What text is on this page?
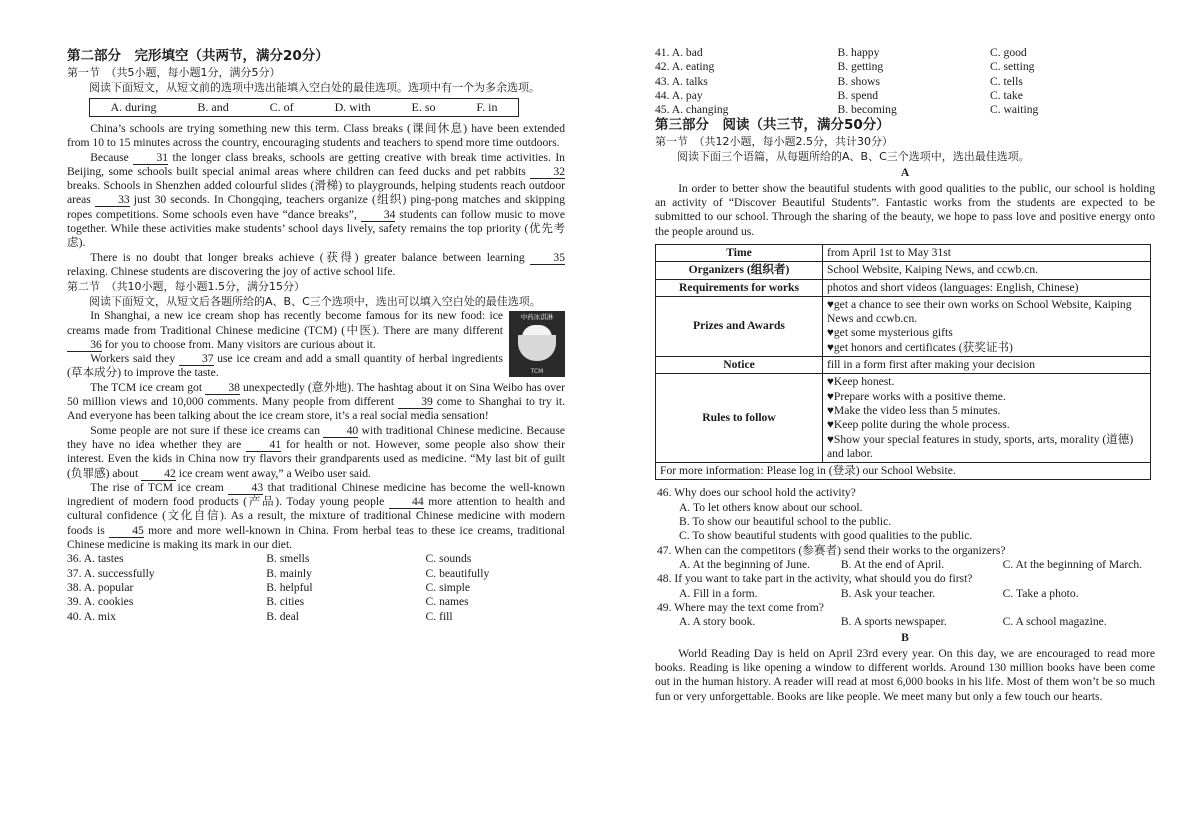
第二部分　完形填空（共两节，满分20分）

第一节　（共5小题，每小题1分，满分5分）

阅读下面短文，从短文前的选项中选出能填入空白处的最佳选项。选项中有一个为多余选项。

A. during	B. and	C. of	D. with	E. so	F. in

China’s schools are trying something new this term. Class breaks (课间休息) have been extended from 10 to 15 minutes across the country, encouraging students and teachers to spend more time outdoors.

Because 31 the longer class breaks, schools are getting creative with break time activities. In Beijing, some schools built special animal areas where children can feed ducks and pet rabbits 32 breaks. Schools in Shenzhen added colourful slides (滑梯) to playgrounds, helping students reach outdoor areas 33 just 30 seconds. In Chongqing, teachers organize (组织) ping-pong matches and skipping ropes competitions. Some schools even have “dance breaks”, 34 students can follow music to move together. While these activities make students’ school days lively, safety remains the top priority (优先考虑).

There is no doubt that longer breaks achieve (获得) greater balance between learning 35 relaxing. Chinese students are discovering the joy of active school life.

第二节　（共10小题，每小题1.5分，满分15分）

阅读下面短文，从短文后各题所给的A、B、C三个选项中，选出可以填入空白处的最佳选项。

中药冰淇淋
TCM

In Shanghai, a new ice cream shop has recently become famous for its new food: ice creams made from Traditional Chinese medicine (TCM) (中医). There are many different 36 for you to choose from. Many visitors are curious about it.

Workers said they 37 use ice cream and add a small quantity of herbal ingredients (草本成分) to improve the taste.

The TCM ice cream got 38 unexpectedly (意外地). The hashtag about it on Sina Weibo has over 50 million views and 10,000 comments. Many people from different 39 come to Shanghai to try it. And everyone has been talking about the ice cream store, it’s a real social media sensation!

Some people are not sure if these ice creams can 40 with traditional Chinese medicine. Because they have no idea whether they are 41 for health or not. However, some people also show their interest. Even the kids in China now try flavors their grandparents used as medicine. “My last bit of guilt (负罪感) about 42 ice cream went away,” a Weibo user said.

The rise of TCM ice cream 43 that traditional Chinese medicine has become the well-known ingredient of modern food products (产品). Today young people 44 more attention to health and cultural confidence (文化自信). As a result, the mixture of traditional Chinese medicine with modern foods is 45 more and more well-known in China. From herbal teas to these ice creams, traditional Chinese medicine is making its mark in our diet.

36. A. tastes	B. smells	C. sounds
37. A. successfully	B. mainly	C. beautifully
38. A. popular	B. helpful	C. simple
39. A. cookies	B. cities	C. names
40. A. mix	B. deal	C. fill
41. A. bad	B. happy	C. good
42. A. eating	B. getting	C. setting
43. A. talks	B. shows	C. tells
44. A. pay	B. spend	C. take
45. A. changing	B. becoming	C. waiting

第三部分　阅读（共三节，满分50分）

第一节　（共12小题，每小题2.5分，共计30分）

阅读下面三个语篇，从每题所给的A、B、C三个选项中，选出最佳选项。

A

In order to better show the beautiful students with good qualities to the public, our school is holding an activity of “Discover Beautiful Students”. Fantastic works from the students are expected to be submitted to our school. Through the sharing of the beauty, we hope to pass love and positive energy onto the people around us.

Time	from April 1st to May 31st

Organizers (组织者)	School Website, Kaiping News, and ccwb.cn.

Requirements for works	photos and short videos (languages: English, Chinese)

Prizes and Awards	♥get a chance to see their own works on School Website, Kaiping News and ccwb.cn.
♥get some mysterious gifts
♥get honors and certificates (获奖证书)

Notice	fill in a form first after making your decision

Rules to follow	♥Keep honest.
♥Prepare works with a positive theme.
♥Make the video less than 5 minutes.
♥Keep polite during the whole process.
♥Show your special features in study, sports, arts, morality (道德) and labor.

For more information: Please log in (登录) our School Website.	

46. Why does our school hold the activity?

A. To let others know about our school.

B. To show our beautiful school to the public.

C. To show beautiful students with good qualities to the public.

47. When can the competitors (参赛者) send their works to the organizers?

A. At the beginning of June.	B. At the end of April.	C. At the beginning of March.

48. If you want to take part in the activity, what should you do first?

A. Fill in a form.	B. Ask your teacher.	C. Take a photo.

49. Where may the text come from?

A. A story book.	B. A sports newspaper.	C. A school magazine.

B

World Reading Day is held on April 23rd every year. On this day, we are encouraged to read more books. Reading is like opening a window to different worlds. Around 130 million books have been come out in the human history. A reader will read at most 6,000 books in his life. Most of them won’t be so much fun or very unforgettable. Books are like people. We meet many but only a few touch our hearts.
